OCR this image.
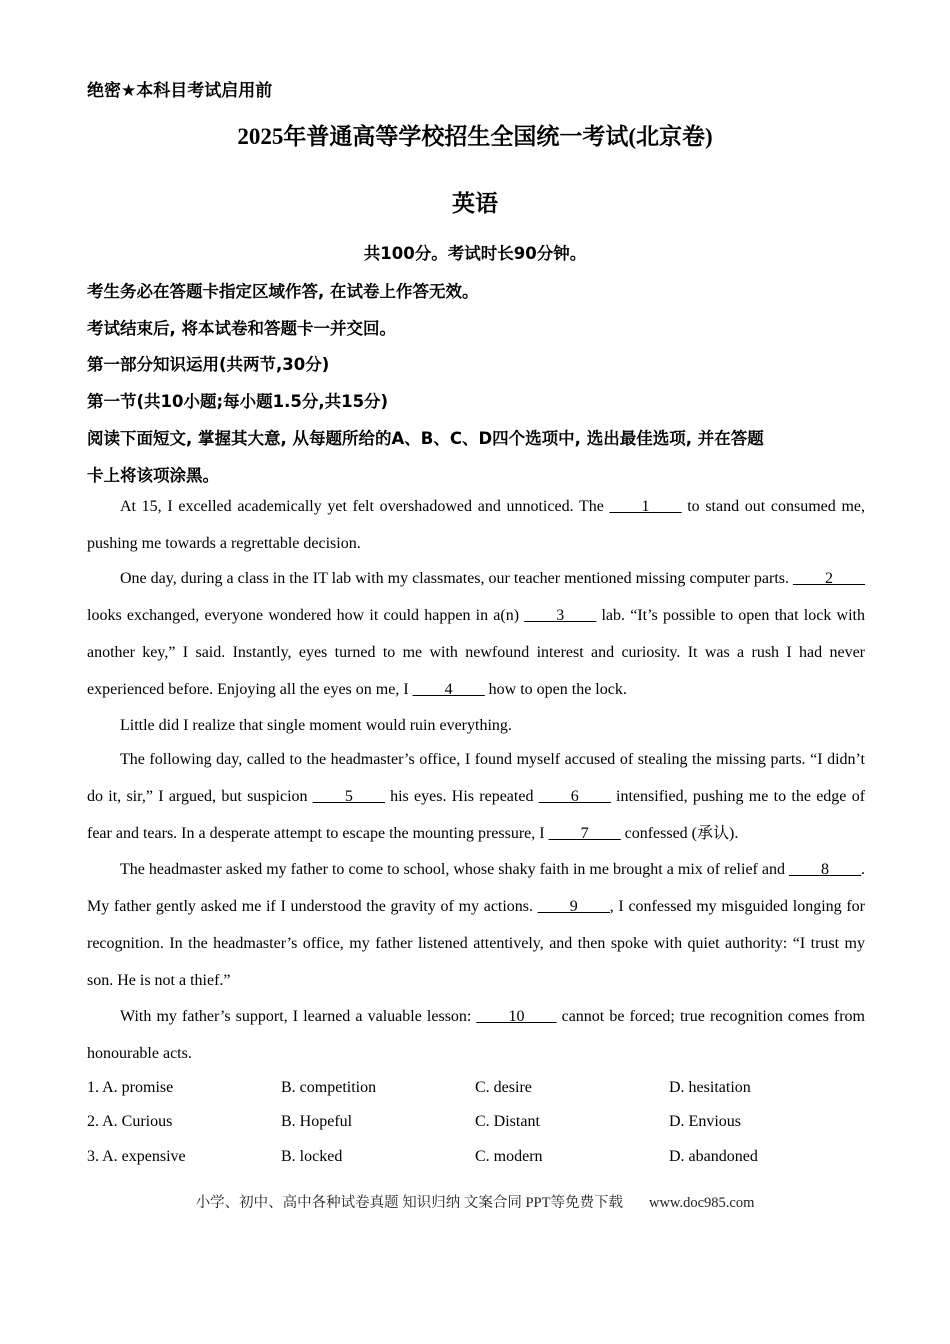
绝密★本科目考试启用前
2025年普通高等学校招生全国统一考试(北京卷)
英语
共100分。考试时长90分钟。
考生务必在答题卡指定区域作答, 在试卷上作答无效。
考试结束后, 将本试卷和答题卡一并交回。
第一部分知识运用(共两节,30分)
第一节(共10小题;每小题1.5分,共15分)
阅读下面短文, 掌握其大意, 从每题所给的A、B、C、D四个选项中, 选出最佳选项, 并在答题
卡上将该项涂黑。
At 15, I excelled academically yet felt overshadowed and unnoticed. The ____1____ to stand out consumed me, pushing me towards a regrettable decision.
One day, during a class in the IT lab with my classmates, our teacher mentioned missing computer parts. ____2____ looks exchanged, everyone wondered how it could happen in a(n) ____3____ lab. “It’s possible to open that lock with another key,” I said. Instantly, eyes turned to me with newfound interest and curiosity. It was a rush I had never experienced before. Enjoying all the eyes on me, I ____4____ how to open the lock.
Little did I realize that single moment would ruin everything.
The following day, called to the headmaster’s office, I found myself accused of stealing the missing parts. “I didn’t do it, sir,” I argued, but suspicion ____5____ his eyes. His repeated ____6____ intensified, pushing me to the edge of fear and tears. In a desperate attempt to escape the mounting pressure, I ____7____ confessed (承认).
The headmaster asked my father to come to school, whose shaky faith in me brought a mix of relief and ____8____. My father gently asked me if I understood the gravity of my actions. ____9____, I confessed my misguided longing for recognition. In the headmaster’s office, my father listened attentively, and then spoke with quiet authority: “I trust my son. He is not a thief.”
With my father’s support, I learned a valuable lesson: ____10____ cannot be forced; true recognition comes from honourable acts.
1. A. promise	B. competition	C. desire	D. hesitation
2. A. Curious	B. Hopeful	C. Distant	D. Envious
3. A. expensive	B. locked	C. modern	D. abandoned
小学、初中、高中各种试卷真题 知识归纳 文案合同 PPT等免费下载 www.doc985.com
